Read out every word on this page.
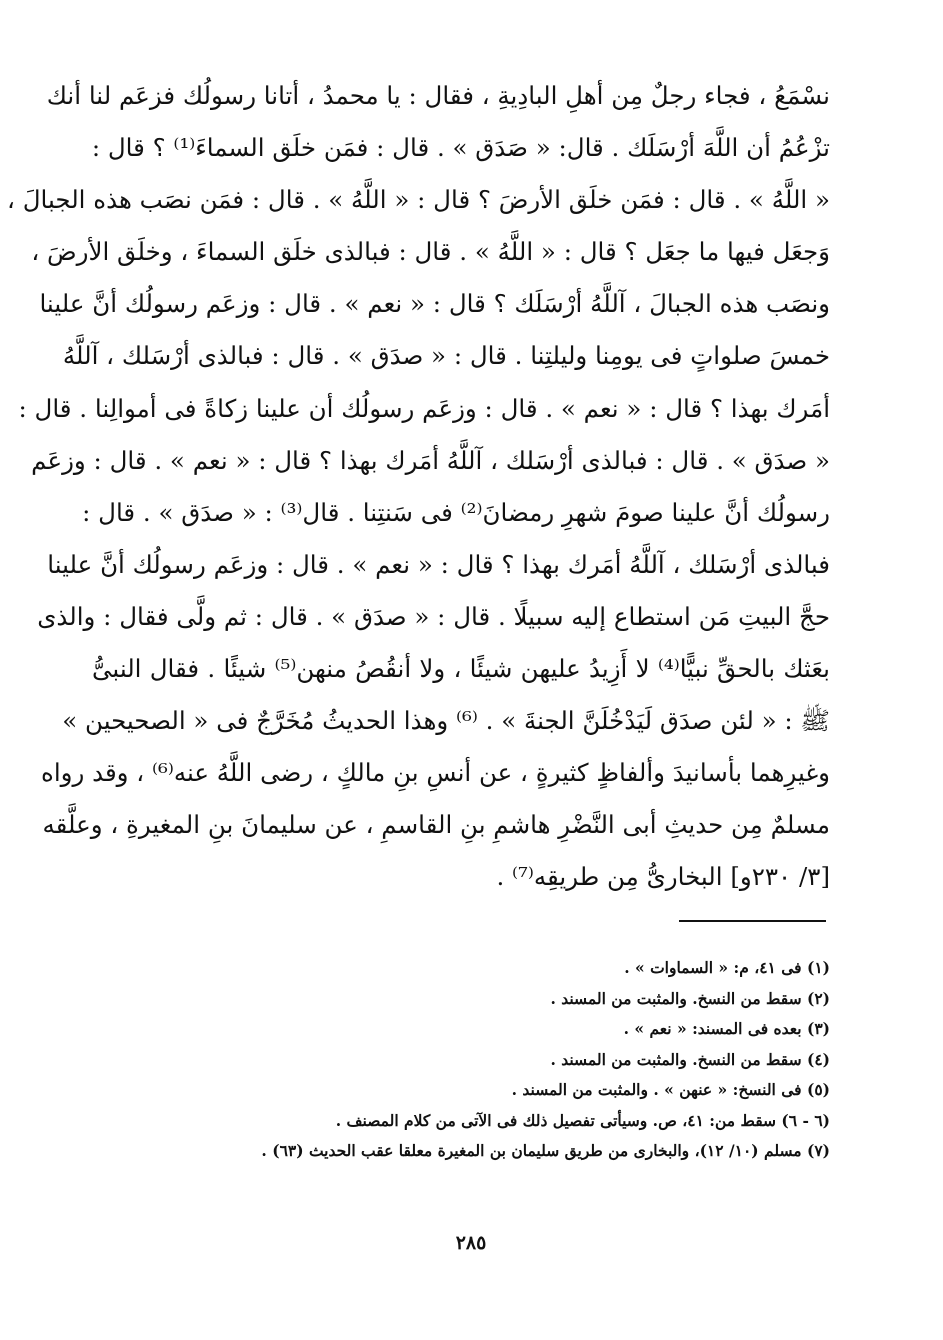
نسْمَعُ ، فجاء رجلٌ مِن أهلِ البادِيةِ ، فقال : يا محمدُ ، أتانا رسولُك فزعَم لنا أنك
تزْعُمُ أن اللَّهَ أرْسَلَك . قال: « صَدَق » . قال : فمَن خلَق السماءَ⁽¹⁾ ؟ قال :
« اللَّهُ » . قال : فمَن خلَق الأرضَ ؟ قال : « اللَّهُ » . قال : فمَن نصَب هذه الجبالَ ،
وَجعَل فيها ما جعَل ؟ قال : « اللَّهُ » . قال : فبالذى خلَق السماءَ ، وخلَق الأرضَ ،
ونصَب هذه الجبالَ ، آللَّهُ أرْسَلَك ؟ قال : « نعم » . قال : وزعَم رسولُك أنَّ علينا
خمسَ صلواتٍ فى يومِنا وليلتِنا . قال : « صدَق » . قال : فبالذى أرْسَلك ، آللَّهُ
أمَرك بهذا ؟ قال : « نعم » . قال : وزعَم رسولُك أن علينا زكاةً فى أموالِنا . قال :
« صدَق » . قال : فبالذى أرْسَلك ، آللَّهُ أمَرك بهذا ؟ قال : « نعم » . قال : وزعَم
رسولُك أنَّ علينا صومَ شهرِ رمضانَ⁽²⁾ فى سَنتِنا . قال⁽³⁾ : « صدَق » . قال :
فبالذى أرْسَلك ، آللَّهُ أمَرك بهذا ؟ قال : « نعم » . قال : وزعَم رسولُك أنَّ علينا
حجَّ البيتِ مَن استطاع إليه سبيلًا . قال : « صدَق » . قال : ثم ولَّى فقال : والذى
بعَثك بالحقِّ نبيًّا⁽⁴⁾ لا أَزِيدُ عليهن شيئًا ، ولا أنقُصُ منهن⁽⁵⁾ شيئًا . فقال النبىُّ
ﷺ : « لئن صدَق لَيَدْخُلَنَّ الجنةَ » . ⁽⁶⁾ وهذا الحديثُ مُخَرَّجٌ فى « الصحيحين »
وغيرِهما بأسانيدَ وألفاظٍ كثيرةٍ ، عن أنسِ بنِ مالكٍ ، رضى اللَّهُ عنه⁽⁶⁾ ، وقد رواه
مسلمٌ مِن حديثِ أبى النَّضْرِ هاشمِ بنِ القاسمِ ، عن سليمانَ بنِ المغيرةِ ، وعلَّقه
[٣/ ٢٣٠و] البخارىُّ مِن طريقِه⁽⁷⁾ .
(١) فى ٤١، م: « السماوات » .
(٢) سقط من النسخ. والمثبت من المسند .
(٣) بعده فى المسند: « نعم » .
(٤) سقط من النسخ. والمثبت من المسند .
(٥) فى النسخ: « عنهن » . والمثبت من المسند .
(٦ - ٦) سقط من: ٤١، ص. وسيأتى تفصيل ذلك فى الآتى من كلام المصنف .
(٧) مسلم (١٠/ ١٢)، والبخارى من طريق سليمان بن المغيرة معلقا عقب الحديث (٦٣) .
٢٨٥
